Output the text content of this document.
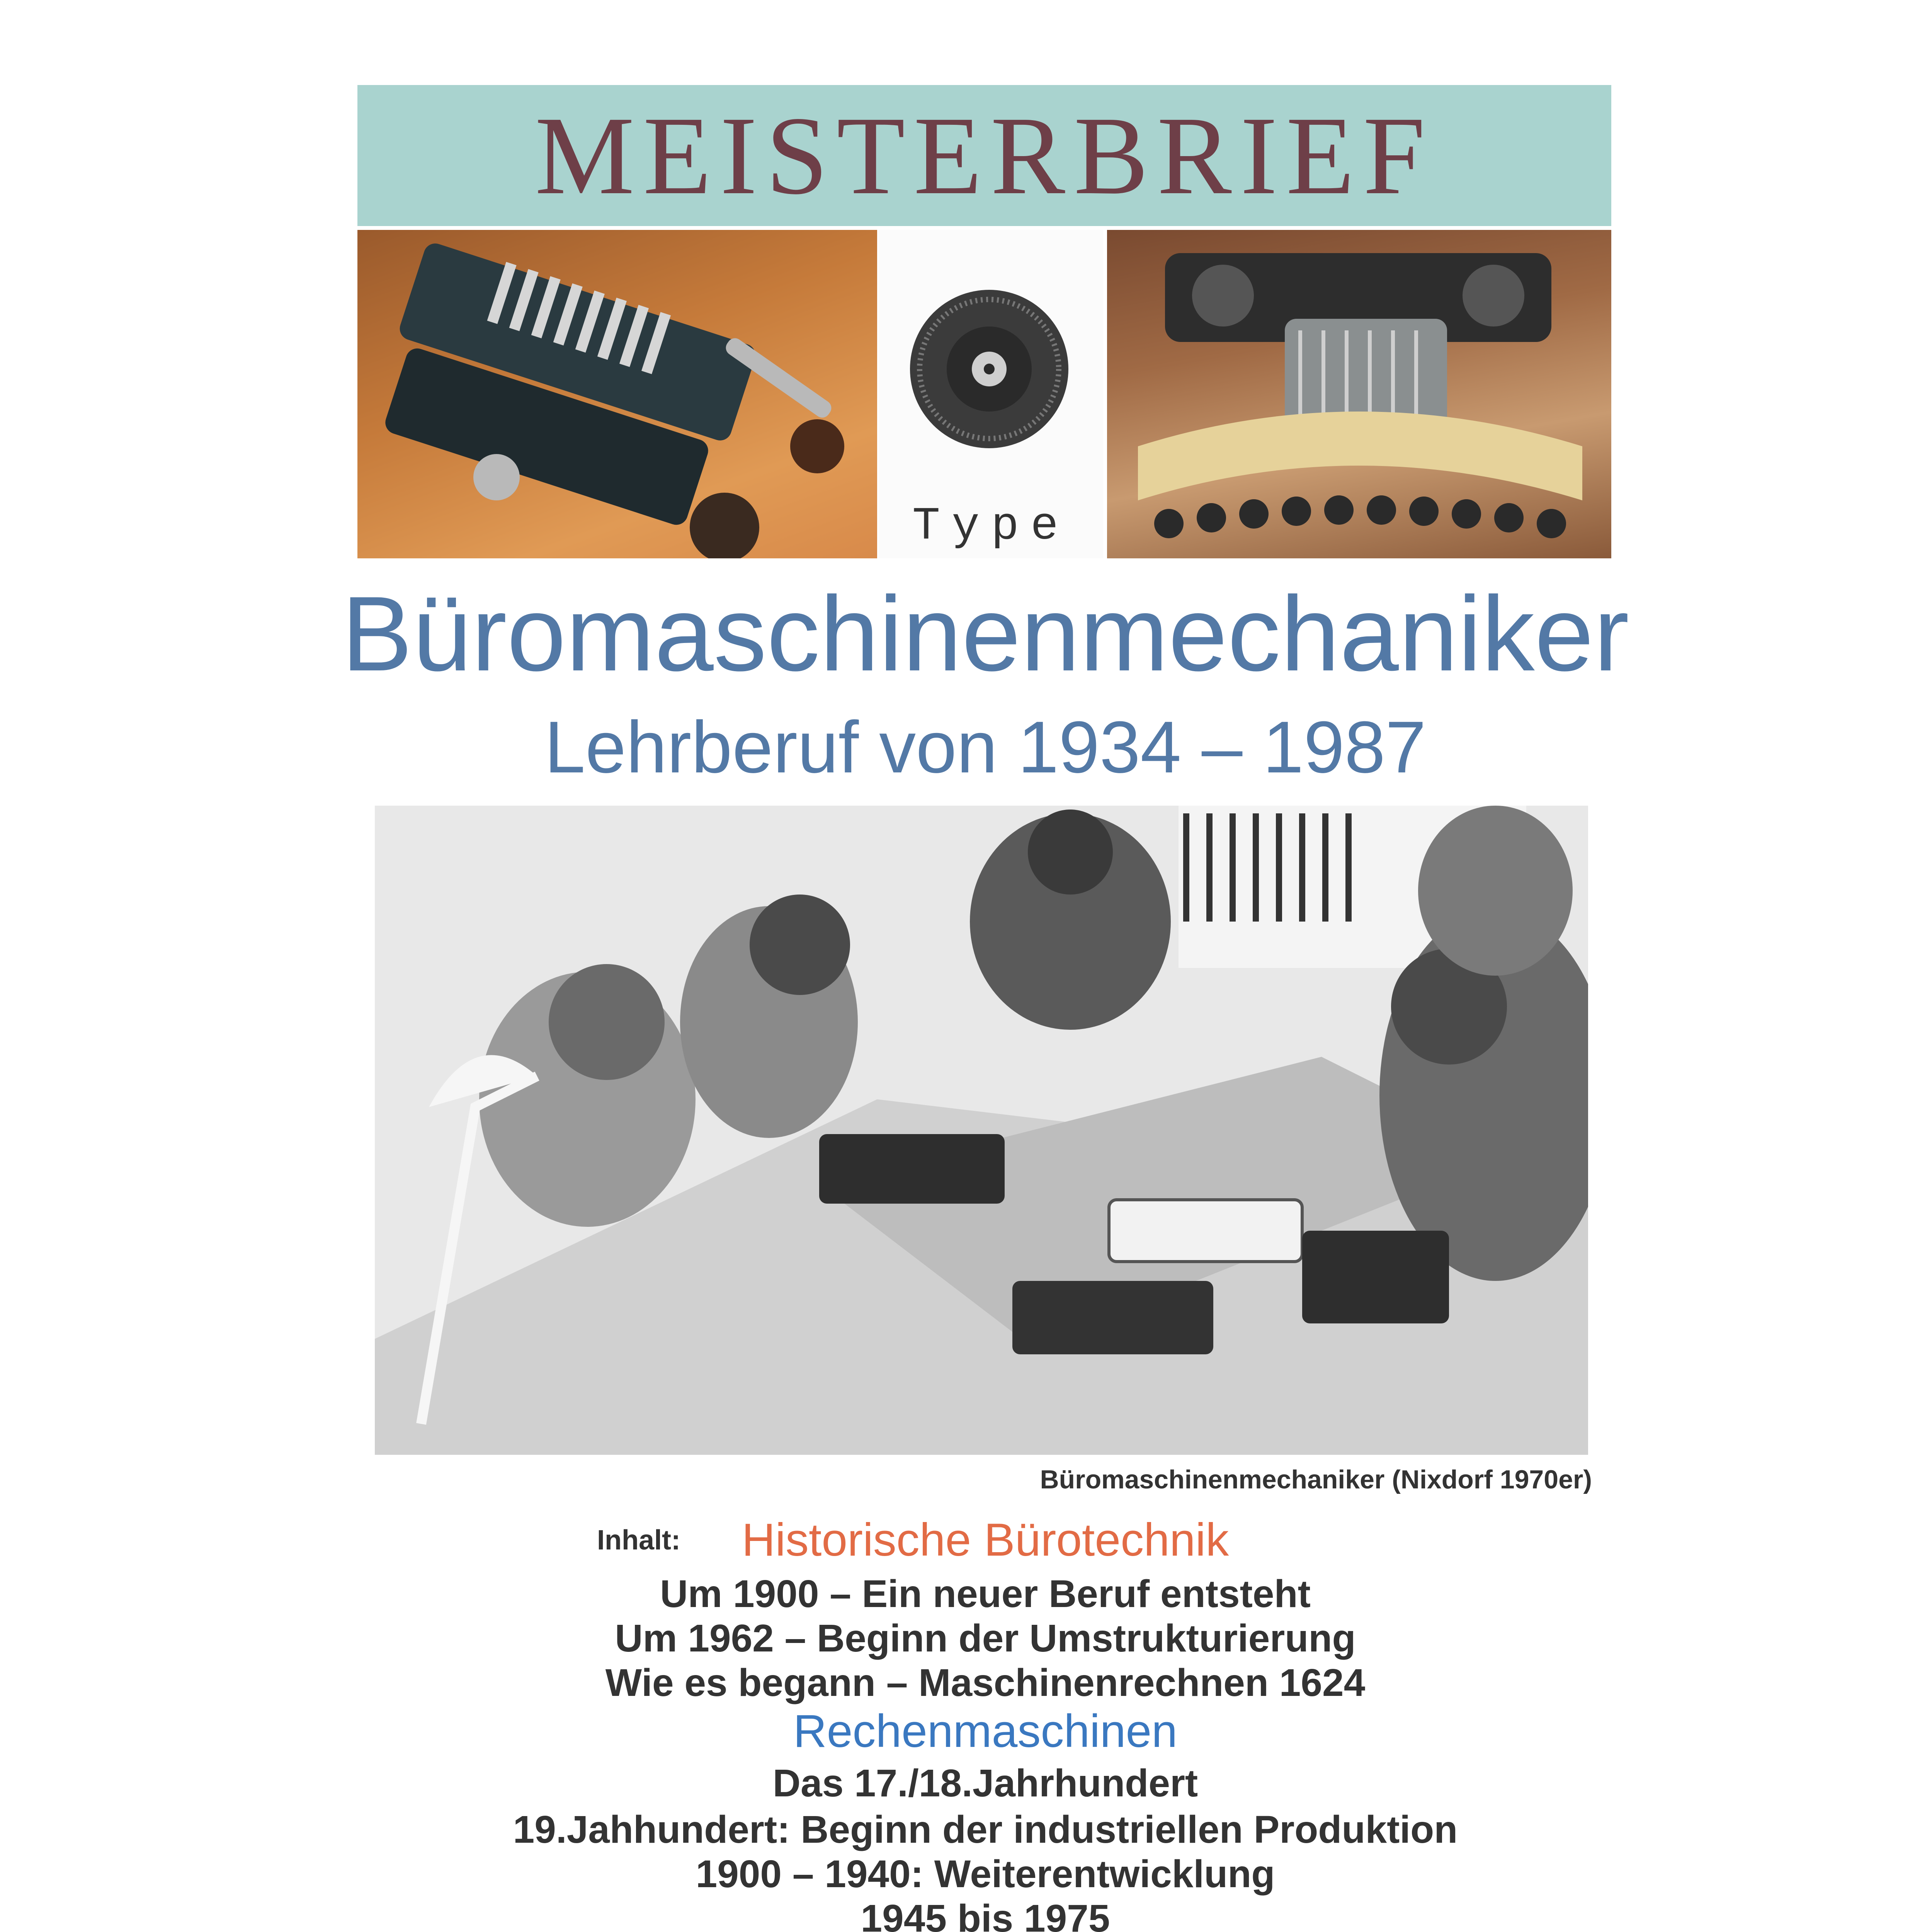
MEISTERBRIEF
Type
Büromaschinenmechaniker
Lehrberuf von 1934 – 1987
Büromaschinenmechaniker (Nixdorf 1970er)
Inhalt:	Historische Bürotechnik
Um 1900 – Ein neuer Beruf entsteht
Um 1962 – Beginn der Umstrukturierung
Wie es begann – Maschinenrechnen 1624
Rechenmaschinen
Das 17./18.Jahrhundert
19.Jahhundert: Beginn der industriellen Produktion
1900 – 1940: Weiterentwicklung
1945 bis 1975
